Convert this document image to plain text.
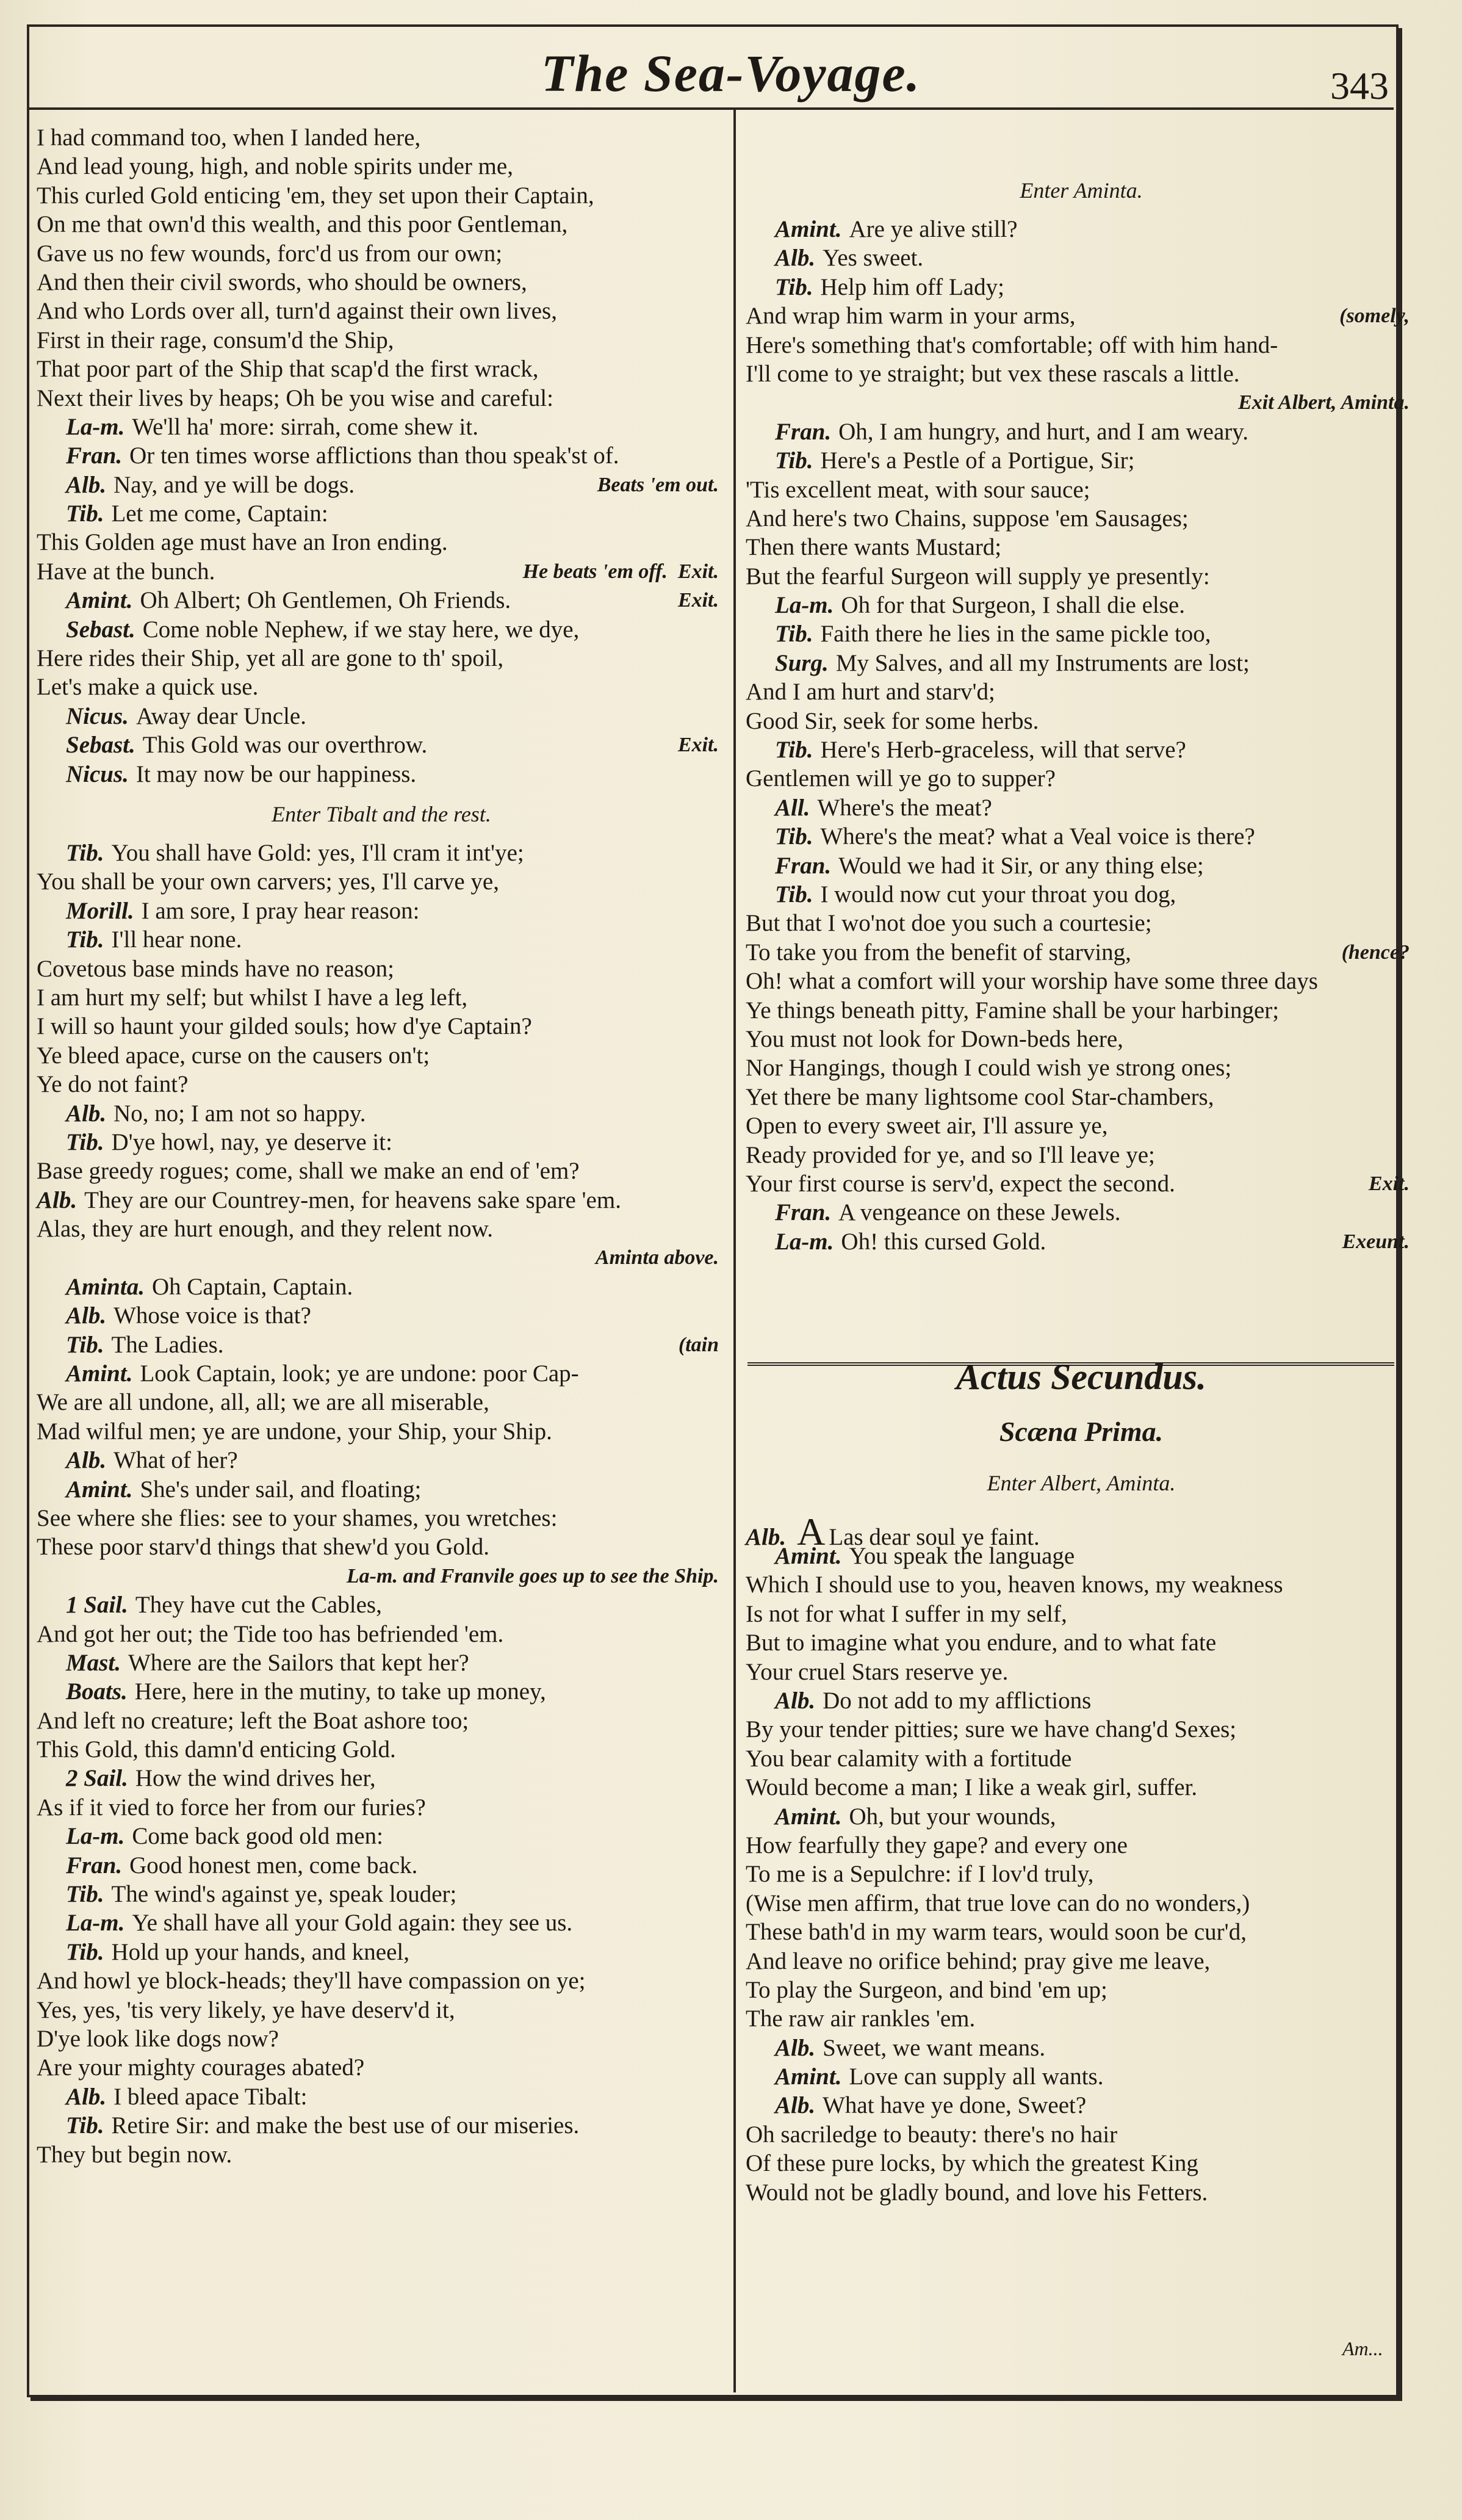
The Sea-Voyage.	343
I had command too, when I landed here,
And lead young, high, and noble spirits under me,
This curled Gold enticing 'em, they set upon their Captain,
On me that own'd this wealth, and this poor Gentleman,
Gave us no few wounds, forc'd us from our own;
And then their civil swords, who should be owners,
And who Lords over all, turn'd against their own lives,
First in their rage, consum'd the Ship,
That poor part of the Ship that scap'd the first wrack,
Next their lives by heaps; Oh be you wise and careful:
La-m. We'll ha' more: sirrah, come shew it.
Fran. Or ten times worse afflictions than thou speak'st of.
Alb. Nay, and ye will be dogs.	Beats 'em out.
Tib. Let me come, Captain:
This Golden age must have an Iron ending.
Have at the bunch.	He beats 'em off.  Exit.
Amint. Oh Albert; Oh Gentlemen, Oh Friends.	Exit.
Sebast. Come noble Nephew, if we stay here, we dye,
Here rides their Ship, yet all are gone to th' spoil,
Let's make a quick use.
Nicus. Away dear Uncle.
Sebast. This Gold was our overthrow.	Exit.
Nicus. It may now be our happiness.
Enter Tibalt and the rest.
Tib. You shall have Gold: yes, I'll cram it int'ye;
You shall be your own carvers; yes, I'll carve ye,
Morill. I am sore, I pray hear reason:
Tib. I'll hear none.
Covetous base minds have no reason;
I am hurt my self; but whilst I have a leg left,
I will so haunt your gilded souls; how d'ye Captain?
Ye bleed apace, curse on the causers on't;
Ye do not faint?
Alb. No, no; I am not so happy.
Tib. D'ye howl, nay, ye deserve it:
Base greedy rogues; come, shall we make an end of 'em?
Alb. They are our Countrey-men, for heavens sake spare 'em.
Alas, they are hurt enough, and they relent now.
Aminta above.
Aminta. Oh Captain, Captain.
Alb. Whose voice is that?
Tib. The Ladies.	(tain
Amint. Look Captain, look; ye are undone: poor Cap-
We are all undone, all, all; we are all miserable,
Mad wilful men; ye are undone, your Ship, your Ship.
Alb. What of her?
Amint. She's under sail, and floating;
See where she flies: see to your shames, you wretches:
These poor starv'd things that shew'd you Gold.
La-m. and Franvile goes up to see the Ship.
1 Sail. They have cut the Cables,
And got her out; the Tide too has befriended 'em.
Mast. Where are the Sailors that kept her?
Boats. Here, here in the mutiny, to take up money,
And left no creature; left the Boat ashore too;
This Gold, this damn'd enticing Gold.
2 Sail. How the wind drives her,
As if it vied to force her from our furies?
La-m. Come back good old men:
Fran. Good honest men, come back.
Tib. The wind's against ye, speak louder;
La-m. Ye shall have all your Gold again: they see us.
Tib. Hold up your hands, and kneel,
And howl ye block-heads; they'll have compassion on ye;
Yes, yes, 'tis very likely, ye have deserv'd it,
D'ye look like dogs now?
Are your mighty courages abated?
Alb. I bleed apace Tibalt:
Tib. Retire Sir: and make the best use of our miseries.
They but begin now.
Enter Aminta.
Amint. Are ye alive still?
Alb. Yes sweet.
Tib. Help him off Lady;
And wrap him warm in your arms,	(somely,
Here's something that's comfortable; off with him hand-
I'll come to ye straight; but vex these rascals a little.
Exit Albert, Aminta.
Fran. Oh, I am hungry, and hurt, and I am weary.
Tib. Here's a Pestle of a Portigue, Sir;
'Tis excellent meat, with sour sauce;
And here's two Chains, suppose 'em Sausages;
Then there wants Mustard;
But the fearful Surgeon will supply ye presently:
La-m. Oh for that Surgeon, I shall die else.
Tib. Faith there he lies in the same pickle too,
Surg. My Salves, and all my Instruments are lost;
And I am hurt and starv'd;
Good Sir, seek for some herbs.
Tib. Here's Herb-graceless, will that serve?
Gentlemen will ye go to supper?
All. Where's the meat?
Tib. Where's the meat? what a Veal voice is there?
Fran. Would we had it Sir, or any thing else;
Tib. I would now cut your throat you dog,
But that I wo'not doe you such a courtesie;
To take you from the benefit of starving,	(hence?
Oh! what a comfort will your worship have some three days
Ye things beneath pitty, Famine shall be your harbinger;
You must not look for Down-beds here,
Nor Hangings, though I could wish ye strong ones;
Yet there be many lightsome cool Star-chambers,
Open to every sweet air, I'll assure ye,
Ready provided for ye, and so I'll leave ye;
Your first course is serv'd, expect the second.	Exit.
Fran. A vengeance on these Jewels.
La-m. Oh! this cursed Gold.	Exeunt.
Actus Secundus.
Scæna Prima.
Enter Albert, Aminta.
Alb. A Las dear soul ye faint.
Amint. You speak the language
Which I should use to you, heaven knows, my weakness
Is not for what I suffer in my self,
But to imagine what you endure, and to what fate
Your cruel Stars reserve ye.
Alb. Do not add to my afflictions
By your tender pitties; sure we have chang'd Sexes;
You bear calamity with a fortitude
Would become a man; I like a weak girl, suffer.
Amint. Oh, but your wounds,
How fearfully they gape? and every one
To me is a Sepulchre: if I lov'd truly,
(Wise men affirm, that true love can do no wonders,)
These bath'd in my warm tears, would soon be cur'd,
And leave no orifice behind; pray give me leave,
To play the Surgeon, and bind 'em up;
The raw air rankles 'em.
Alb. Sweet, we want means.
Amint. Love can supply all wants.
Alb. What have ye done, Sweet?
Oh sacriledge to beauty: there's no hair
Of these pure locks, by which the greatest King
Would not be gladly bound, and love his Fetters.
Am...
